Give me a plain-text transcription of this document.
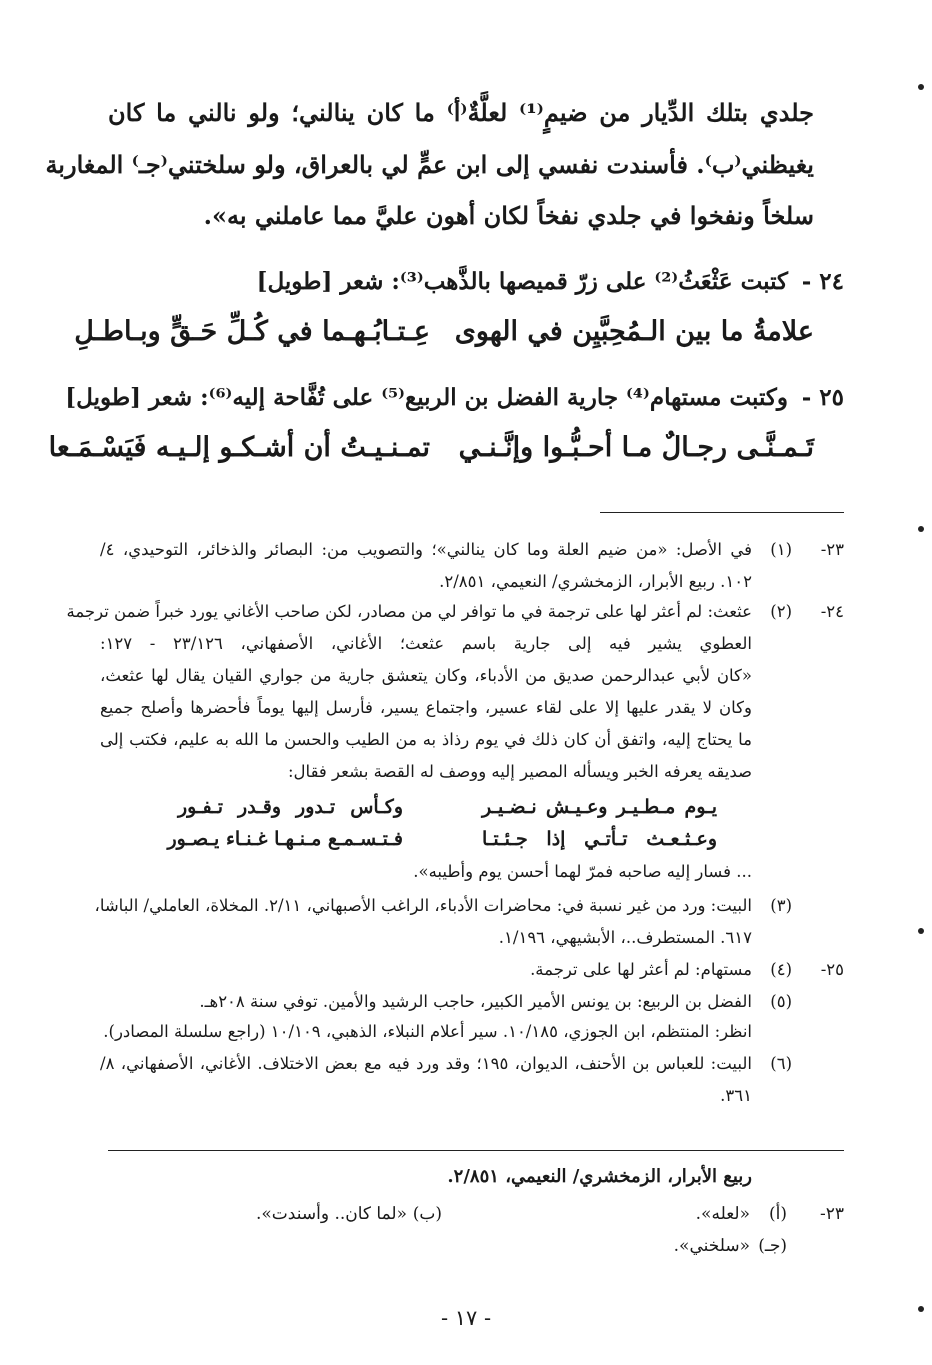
جلدي بتلك الدِّيار من ضيمٍ⁽¹⁾ لعلَّةٌ⁽أ⁾ ما كان ينالني؛ ولو نالني ما كان
يغيظني⁽ب⁾. فأسندت نفسي إلى ابن عمٍّ لي بالعراق، ولو سلختني⁽جـ⁾ المغاربة
سلخاً ونفخوا في جلدي نفخاً لكان أهون عليَّ مما عاملني به».
٢٤ -
كتبت عَثْعَثُ⁽²⁾ على زرّ قميصها بالذَّهب⁽³⁾: شعر [طويل]
علامةُ ما بين الـمُحِبَّيِن في الهوى
عِـتـابُـهـما في كُـلِّ حَـقٍّ وبـاطـلِ
٢٥ -
وكتبت مستهام⁽⁴⁾ جارية الفضل بن الربيع⁽⁵⁾ على تُفَّاحة إليه⁽⁶⁾: شعر [طويل]
تَـمـنَّـى رجـالٌ مـا أحـبُّـوا وإنَّـنـي
تمـنـيـتُ أن أشـكـو إلـيـه فَيَسْـمَـعا
٢٣-
(١)
في الأصل: «من ضيم العلة وما كان ينالني»؛ والتصويب من: البصائر والذخائر، التوحيدي، ٤/
١٠٢. ربيع الأبرار، الزمخشري/ النعيمي، ٢/٨٥١.
٢٤-
(٢)
عثعث: لم أعثر لها على ترجمة في ما توافر لي من مصادر، لكن صاحب الأغاني يورد خبراً ضمن ترجمة
العطوي يشير فيه إلى جارية باسم عثعث؛ الأغاني، الأصفهاني، ٢٣/١٢٦ - ١٢٧:
«كان لأبي عبدالرحمن صديق من الأدباء، وكان يتعشق جارية من جواري القيان يقال لها عثعث،
وكان لا يقدر عليها إلا على لقاء عسير، واجتماع يسير، فأرسل إليها يوماً فأحضرها وأصلح جميع
ما يحتاج إليه، واتفق أن كان ذلك في يوم رذاذ به من الطيب والحسن ما الله به عليم، فكتب إلى
صديقه يعرفه الخبر ويسأله المصير إليه ووصف له القصة بشعر فقال:
يـوم مـطـيـر وعـيـش نـضـيـر
وكـأس تـدور وقـدر تـفـور
وعـثـعـث تـأتـي إذا جـئـتـا
فـتـسـمـع مـنـهـا غـنـاء يـصـور
... فسار إليه صاحبه فمرّ لهما أحسن يوم وأطيبه».
(٣)
البيت: ورد من غير نسبة في: محاضرات الأدباء، الراغب الأصبهاني، ٢/١١. المخلاة، العاملي/ الباشا،
٦١٧. المستطرف..، الأبشيهي، ١/١٩٦.
٢٥-
(٤)
مستهام: لم أعثر لها على ترجمة.
(٥)
الفضل بن الربيع: بن يونس الأمير الكبير، حاجب الرشيد والأمين. توفي سنة ٢٠٨هـ.
انظر: المنتظم، ابن الجوزي، ١٠/١٨٥. سير أعلام النبلاء، الذهبي، ١٠/١٠٩ (راجع سلسلة المصادر).
(٦)
البيت: للعباس بن الأحنف، الديوان، ١٩٥؛ وقد ورد فيه مع بعض الاختلاف. الأغاني، الأصفهاني، ٨/
٣٦١.
ربيع الأبرار، الزمخشري/ النعيمي، ٢/٨٥١.
٢٣-
(أ)
«لعله».
(ب)
«لما كان.. وأسندت».
(جـ)
«سلخني».
- ١٧ -
